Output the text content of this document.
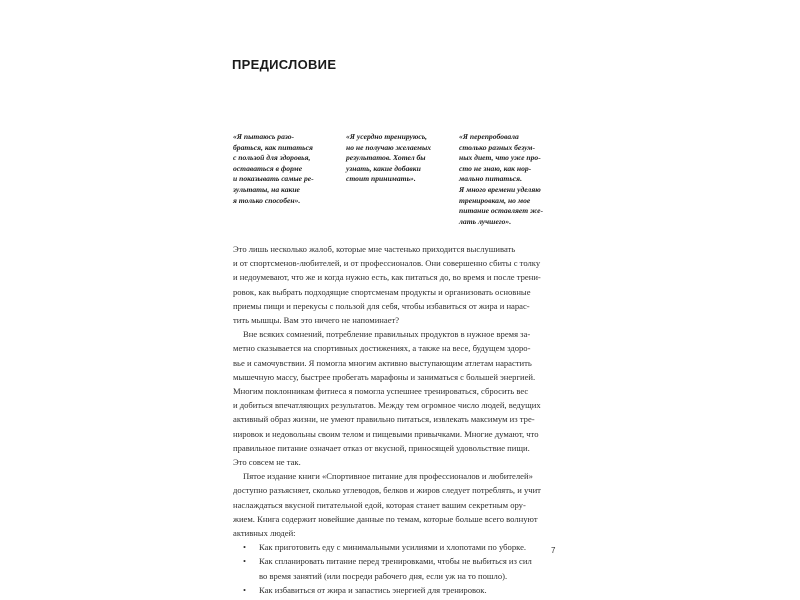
ПРЕДИСЛОВИЕ
«Я пытаюсь разо-
браться, как питаться
с пользой для здоровья,
оставаться в форме
и показывать самые ре-
зультаты, на какие
я только способен».
«Я усердно тренируюсь,
но не получаю желаемых
результатов. Хотел бы
узнать, какие добавки
стоит принимать».
«Я перепробовала
столько разных безум-
ных диет, что уже про-
сто не знаю, как нор-
мально питаться.
Я много времени уделяю
тренировкам, но мое
питание оставляет же-
лать лучшего».
Это лишь несколько жалоб, которые мне частенько приходится выслушивать
и от спортсменов-любителей, и от профессионалов. Они совершенно сбиты с толку
и недоумевают, что же и когда нужно есть, как питаться до, во время и после трени-
ровок, как выбрать подходящие спортсменам продукты и организовать основные
приемы пищи и перекусы с пользой для себя, чтобы избавиться от жира и нарас-
тить мышцы. Вам это ничего не напоминает?
Вне всяких сомнений, потребление правильных продуктов в нужное время за-
метно сказывается на спортивных достижениях, а также на весе, будущем здоро-
вье и самочувствии. Я помогла многим активно выступающим атлетам нарастить
мышечную массу, быстрее пробегать марафоны и заниматься с большей энергией.
Многим поклонникам фитнеса я помогла успешнее тренироваться, сбросить вес
и добиться впечатляющих результатов. Между тем огромное число людей, ведущих
активный образ жизни, не умеют правильно питаться, извлекать максимум из тре-
нировок и недовольны своим телом и пищевыми привычками. Многие думают, что
правильное питание означает отказ от вкусной, приносящей удовольствие пищи.
Это совсем не так.
Пятое издание книги «Спортивное питание для профессионалов и любителей»
доступно разъясняет, сколько углеводов, белков и жиров следует потреблять, и учит
наслаждаться вкусной питательной едой, которая станет вашим секретным ору-
жием. Книга содержит новейшие данные по темам, которые больше всего волнуют
активных людей:
• Как приготовить еду с минимальными усилиями и хлопотами по уборке.
• Как спланировать питание перед тренировками, чтобы не выбиться из сил
во время занятий (или посреди рабочего дня, если уж на то пошло).
• Как избавиться от жира и запастись энергией для тренировок.
7
